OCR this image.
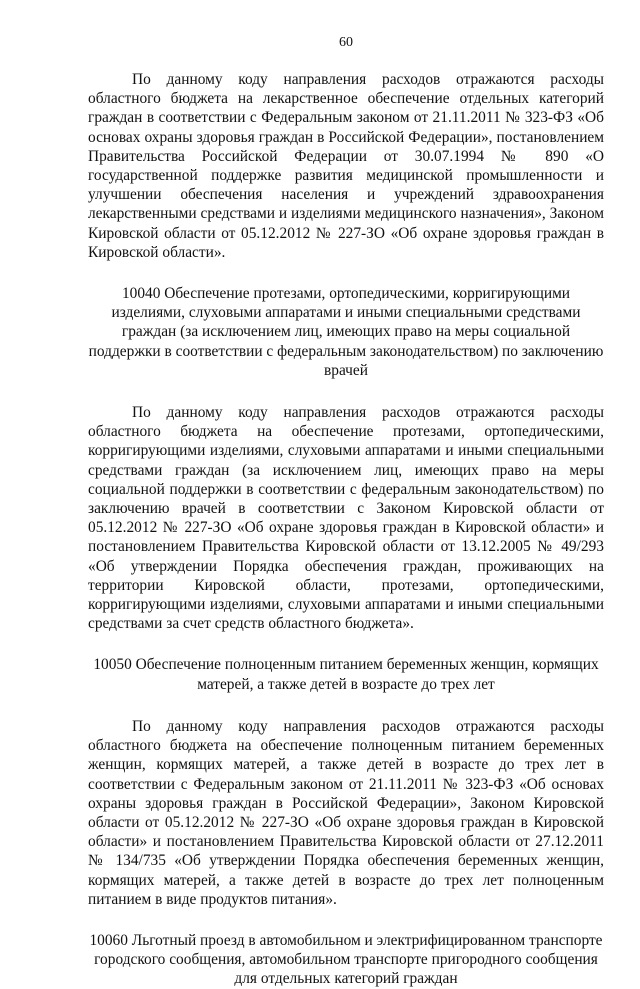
60

По данному коду направления расходов отражаются расходы областного бюджета на лекарственное обеспечение отдельных категорий граждан в соответствии с Федеральным законом от 21.11.2011 № 323-ФЗ «Об основах охраны здоровья граждан в Российской Федерации», постановлением Правительства Российской Федерации от 30.07.1994 № 890 «О государственной поддержке развития медицинской промышленности и улучшении обеспечения населения и учреждений здравоохранения лекарственными средствами и изделиями медицинского назначения», Законом Кировской области от 05.12.2012 № 227-ЗО «Об охране здоровья граждан в Кировской области».

10040 Обеспечение протезами, ортопедическими, корригирующими изделиями, слуховыми аппаратами и иными специальными средствами граждан (за исключением лиц, имеющих право на меры социальной поддержки в соответствии с федеральным законодательством) по заключению врачей

По данному коду направления расходов отражаются расходы областного бюджета на обеспечение протезами, ортопедическими, корригирующими изделиями, слуховыми аппаратами и иными специальными средствами граждан (за исключением лиц, имеющих право на меры социальной поддержки в соответствии с федеральным законодательством) по заключению врачей в соответствии с Законом Кировской области от 05.12.2012 № 227-ЗО «Об охране здоровья граждан в Кировской области» и постановлением Правительства Кировской области от 13.12.2005 № 49/293 «Об утверждении Порядка обеспечения граждан, проживающих на территории Кировской области, протезами, ортопедическими, корригирующими изделиями, слуховыми аппаратами и иными специальными средствами за счет средств областного бюджета».

10050 Обеспечение полноценным питанием беременных женщин, кормящих матерей, а также детей в возрасте до трех лет

По данному коду направления расходов отражаются расходы областного бюджета на обеспечение полноценным питанием беременных женщин, кормящих матерей, а также детей в возрасте до трех лет в соответствии с Федеральным законом от 21.11.2011 № 323-ФЗ «Об основах охраны здоровья граждан в Российской Федерации», Законом Кировской области от 05.12.2012 № 227-ЗО «Об охране здоровья граждан в Кировской области» и постановлением Правительства Кировской области от 27.12.2011 № 134/735 «Об утверждении Порядка обеспечения беременных женщин, кормящих матерей, а также детей в возрасте до трех лет полноценным питанием в виде продуктов питания».

10060 Льготный проезд в автомобильном и электрифицированном транспорте городского сообщения, автомобильном транспорте пригородного сообщения для отдельных категорий граждан
